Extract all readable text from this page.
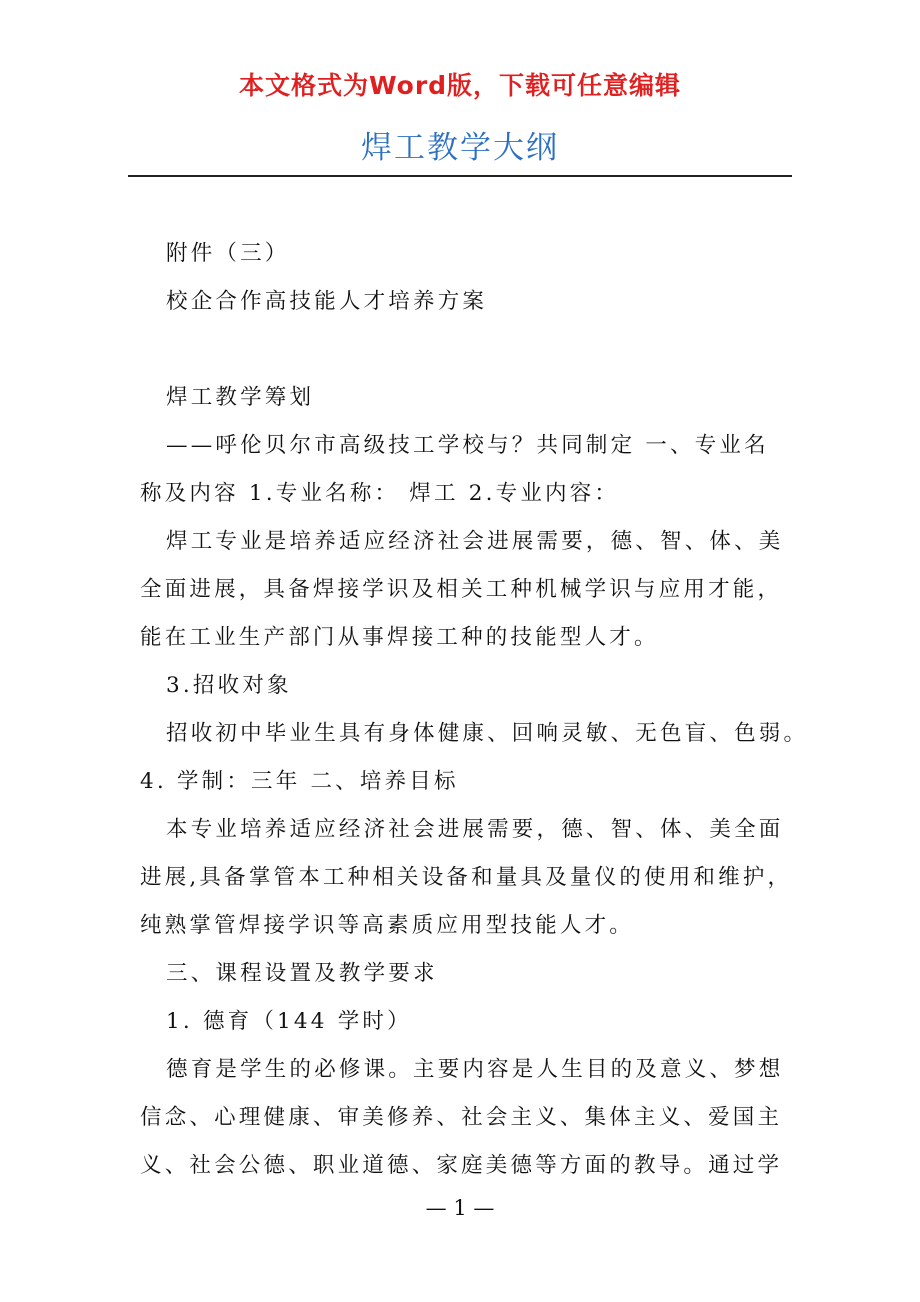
本文格式为Word版，下载可任意编辑
焊工教学大纲

附件（三）

校企合作高技能人才培养方案

焊工教学筹划

——呼伦贝尔市高级技工学校与？共同制定 一、专业名

称及内容 1.专业名称： 焊工 2.专业内容：

焊工专业是培养适应经济社会进展需要，德、智、体、美

全面进展，具备焊接学识及相关工种机械学识与应用才能，

能在工业生产部门从事焊接工种的技能型人才。

3.招收对象

招收初中毕业生具有身体健康、回响灵敏、无色盲、色弱。

4. 学制：三年 二、培养目标

本专业培养适应经济社会进展需要，德、智、体、美全面

进展,具备掌管本工种相关设备和量具及量仪的使用和维护，

纯熟掌管焊接学识等高素质应用型技能人才。

三、课程设置及教学要求

1. 德育（144 学时）

德育是学生的必修课。主要内容是人生目的及意义、梦想

信念、心理健康、审美修养、社会主义、集体主义、爱国主

义、社会公德、职业道德、家庭美德等方面的教导。通过学

— 1 —
